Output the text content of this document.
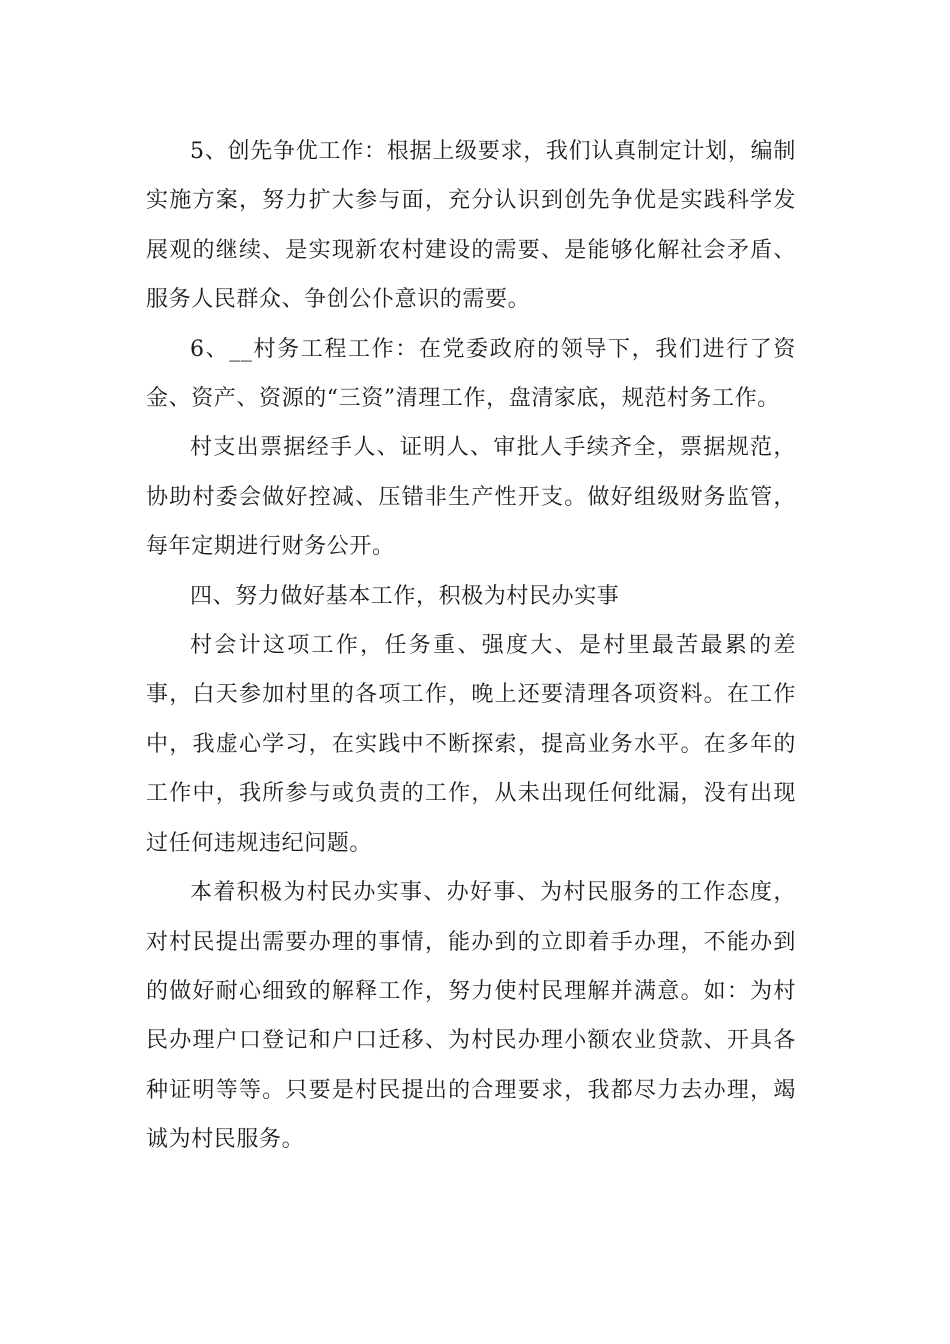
5、创先争优工作：根据上级要求，我们认真制定计划，编制实施方案，努力扩大参与面，充分认识到创先争优是实践科学发展观的继续、是实现新农村建设的需要、是能够化解社会矛盾、服务人民群众、争创公仆意识的需要。

6、__村务工程工作：在党委政府的领导下，我们进行了资金、资产、资源的“三资”清理工作，盘清家底，规范村务工作。

村支出票据经手人、证明人、审批人手续齐全，票据规范，协助村委会做好控减、压错非生产性开支。做好组级财务监管，每年定期进行财务公开。

四、努力做好基本工作，积极为村民办实事

村会计这项工作，任务重、强度大、是村里最苦最累的差事，白天参加村里的各项工作，晚上还要清理各项资料。在工作中，我虚心学习，在实践中不断探索，提高业务水平。在多年的工作中，我所参与或负责的工作，从未出现任何纰漏，没有出现过任何违规违纪问题。

本着积极为村民办实事、办好事、为村民服务的工作态度，对村民提出需要办理的事情，能办到的立即着手办理，不能办到的做好耐心细致的解释工作，努力使村民理解并满意。如：为村民办理户口登记和户口迁移、为村民办理小额农业贷款、开具各种证明等等。只要是村民提出的合理要求，我都尽力去办理，竭诚为村民服务。
